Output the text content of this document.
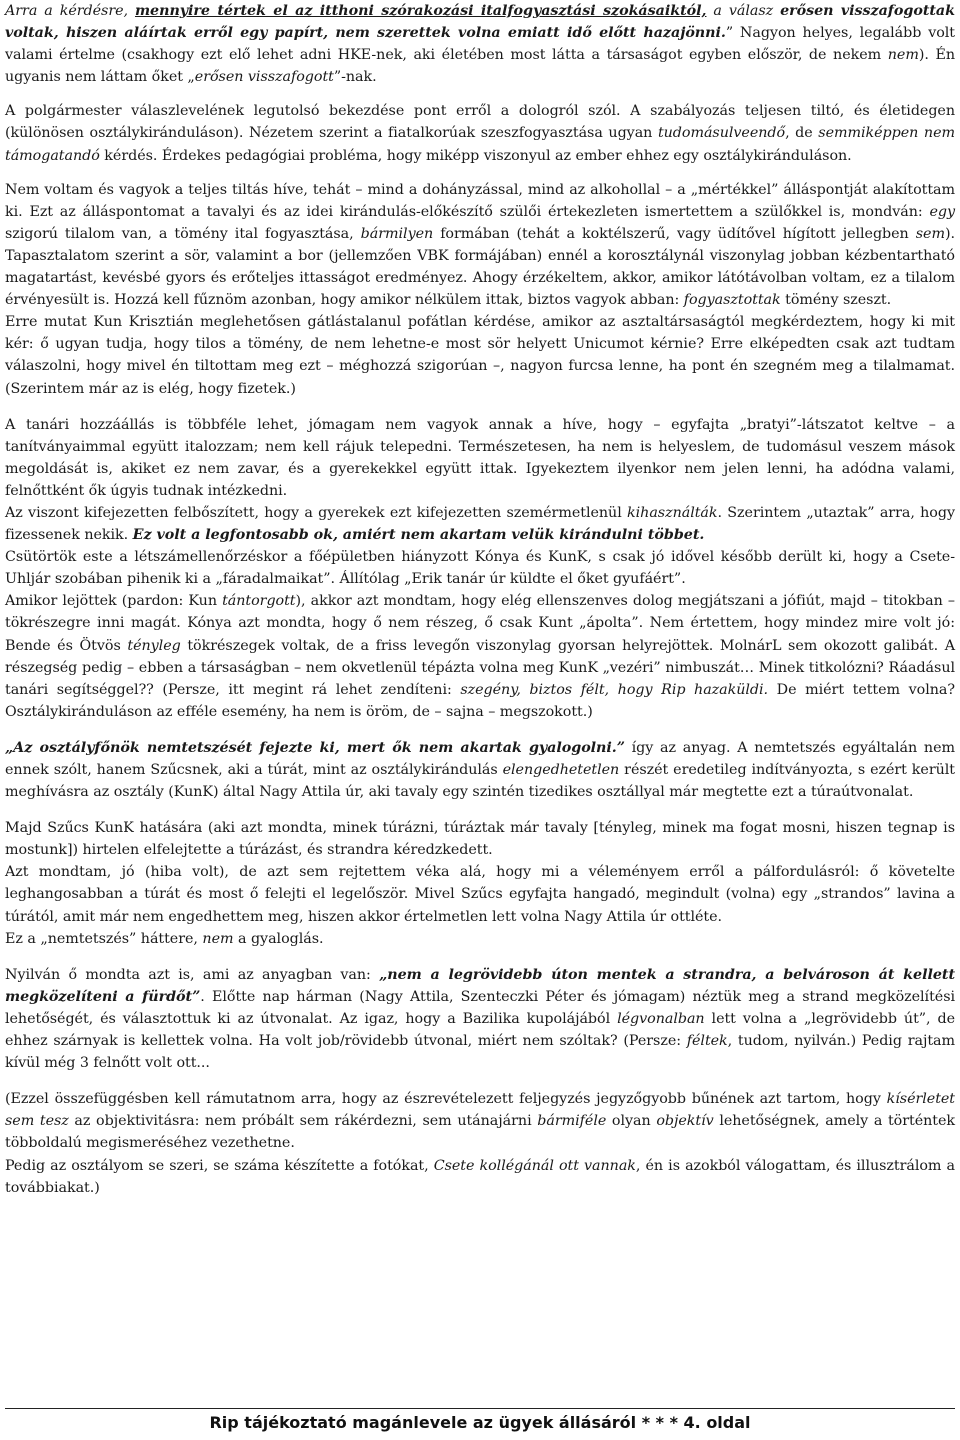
Arra a kérdésre, mennyire tértek el az itthoni szórakozási italfogyasztási szokásaiktól, a válasz erősen visszafogottak voltak, hiszen aláírtak erről egy papírt, nem szerettek volna emiatt idő előtt hazajönni.” Nagyon helyes, legalább volt valami értelme (csakhogy ezt elő lehet adni HKE-nek, aki életében most látta a társaságot egyben először, de nekem nem). Én ugyanis nem láttam őket „erősen visszafogott”-nak.

A polgármester válaszlevelének legutolsó bekezdése pont erről a dologról szól. A szabályozás teljesen tiltó, és életidegen (különösen osztálykiránduláson). Nézetem szerint a fiatalkorúak szeszfogyasztása ugyan tudomásulveendő, de semmiképpen nem támogatandó kérdés. Érdekes pedagógiai probléma, hogy miképp viszonyul az ember ehhez egy osztálykiránduláson.

Nem voltam és vagyok a teljes tiltás híve, tehát – mind a dohányzással, mind az alkohollal – a „mértékkel” álláspontját alakítottam ki. Ezt az álláspontomat a tavalyi és az idei kirándulás-előkészítő szülői értekezleten ismertettem a szülőkkel is, mondván: egy szigorú tilalom van, a tömény ital fogyasztása, bármilyen formában (tehát a koktélszerű, vagy üdítővel hígított jellegben sem). Tapasztalatom szerint a sör, valamint a bor (jellemzően VBK formájában) ennél a korosztálynál viszonylag jobban kézbentartható magatartást, kevésbé gyors és erőteljes ittasságot eredményez. Ahogy érzékeltem, akkor, amikor látótávolban voltam, ez a tilalom érvényesült is. Hozzá kell fűznöm azonban, hogy amikor nélkülem ittak, biztos vagyok abban: fogyasztottak tömény szeszt.

Erre mutat Kun Krisztián meglehetősen gátlástalanul pofátlan kérdése, amikor az asztaltársaságtól megkérdeztem, hogy ki mit kér: ő ugyan tudja, hogy tilos a tömény, de nem lehetne-e most sör helyett Unicumot kérnie? Erre elképedten csak azt tudtam válaszolni, hogy mivel én tiltottam meg ezt – méghozzá szigorúan –, nagyon furcsa lenne, ha pont én szegném meg a tilalmamat. (Szerintem már az is elég, hogy fizetek.)

A tanári hozzáállás is többféle lehet, jómagam nem vagyok annak a híve, hogy – egyfajta „bratyi”-látszatot keltve – a tanítványaimmal együtt italozzam; nem kell rájuk telepedni. Természetesen, ha nem is helyeslem, de tudomásul veszem mások megoldását is, akiket ez nem zavar, és a gyerekekkel együtt ittak. Igyekeztem ilyenkor nem jelen lenni, ha adódna valami, felnőttként ők úgyis tudnak intézkedni.

Az viszont kifejezetten felbőszített, hogy a gyerekek ezt kifejezetten szemérmetlenül kihasználták. Szerintem „utaztak” arra, hogy fizessenek nekik. Ez volt a legfontosabb ok, amiért nem akartam velük kirándulni többet.

Csütörtök este a létszámellenőrzéskor a főépületben hiányzott Kónya és KunK, s csak jó idővel később derült ki, hogy a Csete-Uhljár szobában pihenik ki a „fáradalmaikat”. Állítólag „Erik tanár úr küldte el őket gyufáért”.

Amikor lejöttek (pardon: Kun tántorgott), akkor azt mondtam, hogy elég ellenszenves dolog megjátszani a jófiút, majd – titokban – tökrészegre inni magát. Kónya azt mondta, hogy ő nem részeg, ő csak Kunt „ápolta”. Nem értettem, hogy mindez mire volt jó: Bende és Ötvös tényleg tökrészegek voltak, de a friss levegőn viszonylag gyorsan helyrejöttek. MolnárL sem okozott galibát. A részegség pedig – ebben a társaságban – nem okvetlenül tépázta volna meg KunK „vezéri” nimbuszát… Minek titkolózni? Ráadásul tanári segítséggel?? (Persze, itt megint rá lehet zendíteni: szegény, biztos félt, hogy Rip hazaküldi. De miért tettem volna? Osztálykiránduláson az efféle esemény, ha nem is öröm, de – sajna – megszokott.)

„Az osztályfőnök nemtetszését fejezte ki, mert ők nem akartak gyalogolni.” így az anyag. A nemtetszés egyáltalán nem ennek szólt, hanem Szűcsnek, aki a túrát, mint az osztálykirándulás elengedhetetlen részét eredetileg indítványozta, s ezért került meghívásra az osztály (KunK) által Nagy Attila úr, aki tavaly egy szintén tizedikes osztállyal már megtette ezt a túraútvonalat.

Majd Szűcs KunK hatására (aki azt mondta, minek túrázni, túráztak már tavaly [tényleg, minek ma fogat mosni, hiszen tegnap is mostunk]) hirtelen elfelejtette a túrázást, és strandra kéredzkedett.

Azt mondtam, jó (hiba volt), de azt sem rejtettem véka alá, hogy mi a véleményem erről a pálfordulásról: ő követelte leghangosabban a túrát és most ő felejti el legelőször. Mivel Szűcs egyfajta hangadó, megindult (volna) egy „strandos” lavina a túrától, amit már nem engedhettem meg, hiszen akkor értelmetlen lett volna Nagy Attila úr ottléte.

Ez a „nemtetszés” háttere, nem a gyaloglás.

Nyilván ő mondta azt is, ami az anyagban van: „nem a legrövidebb úton mentek a strandra, a belvároson át kellett megközelíteni a fürdőt”. Előtte nap hárman (Nagy Attila, Szenteczki Péter és jómagam) néztük meg a strand megközelítési lehetőségét, és választottuk ki az útvonalat. Az igaz, hogy a Bazilika kupolájából légvonalban lett volna a „legrövidebb út”, de ehhez szárnyak is kellettek volna. Ha volt job/rövidebb útvonal, miért nem szóltak? (Persze: féltek, tudom, nyilván.) Pedig rajtam kívül még 3 felnőtt volt ott...

(Ezzel összefüggésben kell rámutatnom arra, hogy az észrevételezett feljegyzés jegyzőgyobb bűnének azt tartom, hogy kísérletet sem tesz az objektivitásra: nem próbált sem rákérdezni, sem utánajárni bármiféle olyan objektív lehetőségnek, amely a történtek többoldalú megismeréséhez vezethetne.

Pedig az osztályom se szeri, se száma készítette a fotókat, Csete kollégánál ott vannak, én is azokból válogattam, és illusztrálom a továbbiakat.)

Rip tájékoztató magánlevele az ügyek állásáról * * * 4. oldal
